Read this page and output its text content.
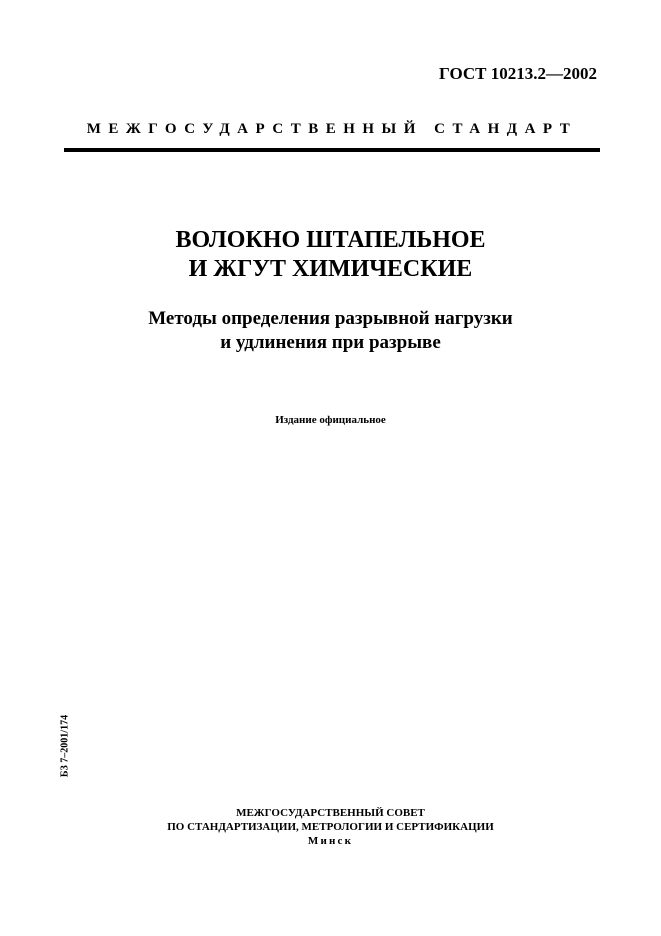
ГОСТ 10213.2—2002

МЕЖГОСУДАРСТВЕННЫЙ СТАНДАРТ

ВОЛОКНО ШТАПЕЛЬНОЕ
И ЖГУТ ХИМИЧЕСКИЕ
Методы определения разрывной нагрузки
и удлинения при разрыве

Издание официальное

БЗ 7–2001/174

МЕЖГОСУДАРСТВЕННЫЙ СОВЕТ
ПО СТАНДАРТИЗАЦИИ, МЕТРОЛОГИИ И СЕРТИФИКАЦИИ
Минск
